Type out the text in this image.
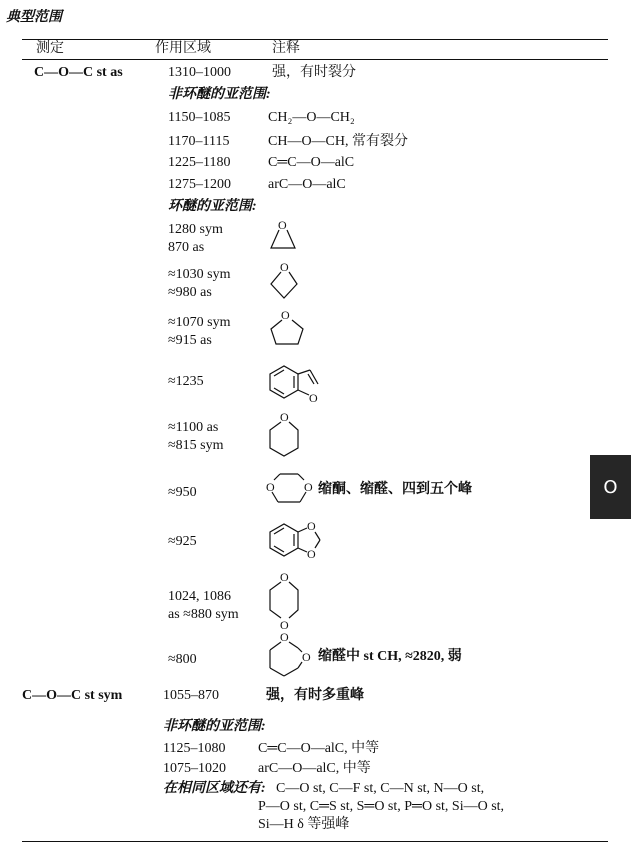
典型范围
测定	作用区域	注释
C—O—C st as	1310–1000	强，有时裂分
非环醚的亚范围:
1150–1085	CH₂—O—CH₂
1170–1115	CH—O—CH, 常有裂分
1225–1180	C═C—O—alC
1275–1200	arC—O—alC
环醚的亚范围:
1280 sym
870 as
≈1030 sym
≈980 as
≈1070 sym
≈915 as
≈1235
≈1100 as
≈815 sym
≈950	缩酮、缩醛、四到五个峰
≈925
1024, 1086
as ≈880 sym
≈800	缩醛中 st CH, ≈2820, 弱
O
O
O
O
O
O O
O
O
O
O
O
O
C—O—C st sym	1055–870	强，有时多重峰
非环醚的亚范围:
1125–1080 C═C—O—alC, 中等
1075–1020 arC—O—alC, 中等
在相同区域还有: C—O st, C—F st, C—N st, N—O st,
P—O st, C═S st, S═O st, P═O st, Si—O st,
Si—H δ 等强峰
O
